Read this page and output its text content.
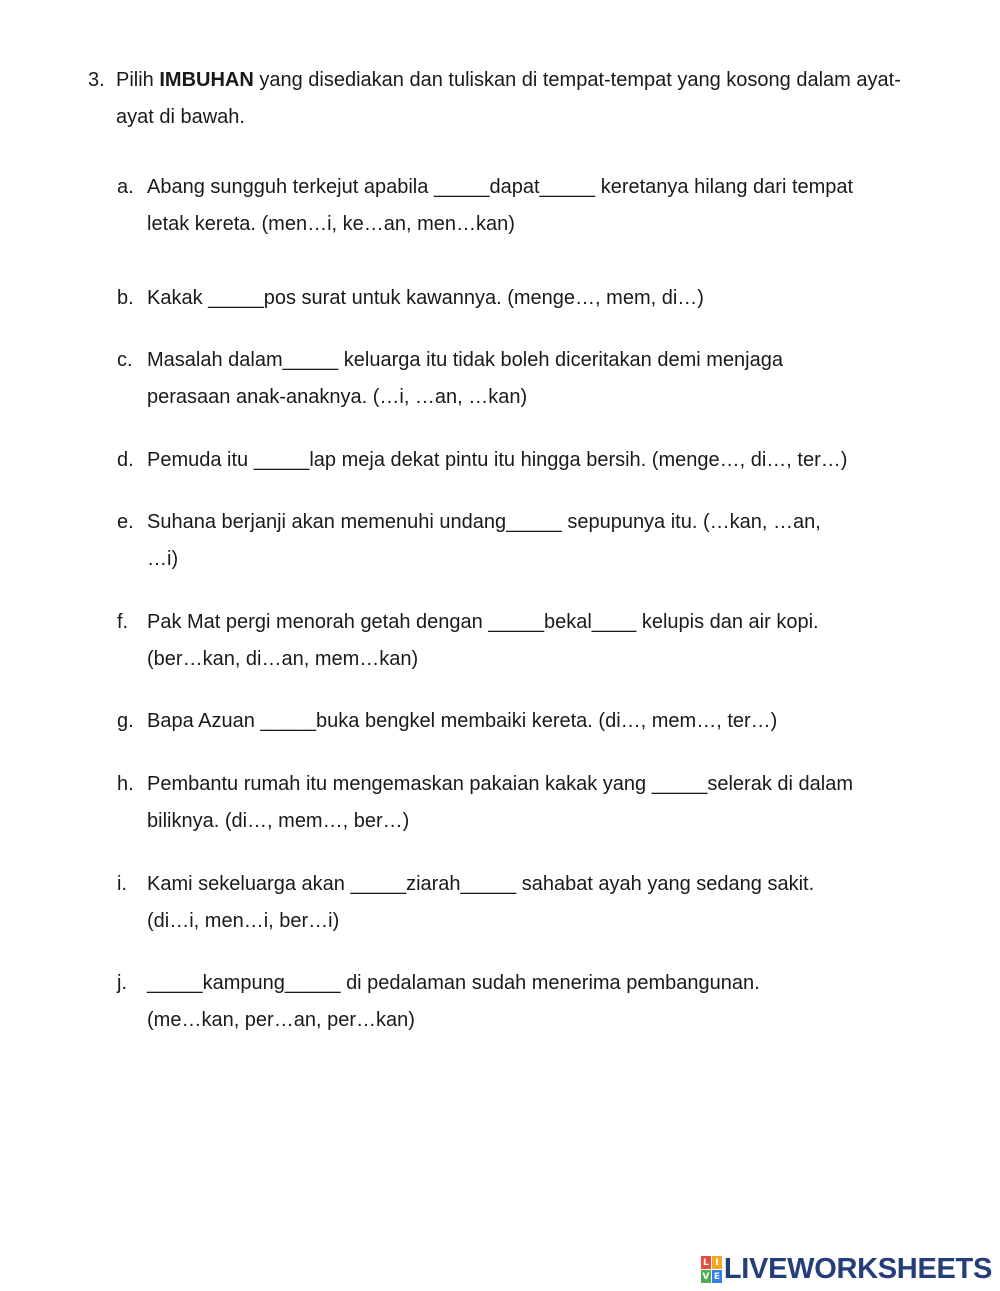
3. Pilih IMBUHAN yang disediakan dan tuliskan di tempat-tempat yang kosong dalam ayat-ayat di bawah.
a. Abang sungguh terkejut apabila _____dapat_____ keretanya hilang dari tempat
letak kereta. (men…i, ke…an, men…kan)
b. Kakak _____pos surat untuk kawannya. (menge…, mem, di…)
c. Masalah dalam_____ keluarga itu tidak boleh diceritakan demi menjaga
perasaan anak-anaknya. (…i, …an, …kan)
d. Pemuda itu _____lap meja dekat pintu itu hingga bersih. (menge…, di…, ter…)
e. Suhana berjanji akan memenuhi undang_____ sepupunya itu. (…kan, …an,
…i)
f. Pak Mat pergi menorah getah dengan _____bekal____ kelupis dan air kopi.
(ber…kan, di…an, mem…kan)
g. Bapa Azuan _____buka bengkel membaiki kereta. (di…, mem…, ter…)
h. Pembantu rumah itu mengemaskan pakaian kakak yang _____selerak di dalam
biliknya. (di…, mem…, ber…)
i. Kami sekeluarga akan _____ziarah_____ sahabat ayah yang sedang sakit.
(di…i, men…i, ber…i)
j. _____kampung_____ di pedalaman sudah menerima pembangunan.
(me…kan, per…an, per…kan)
L I
V E LIVEWORKSHEETS
